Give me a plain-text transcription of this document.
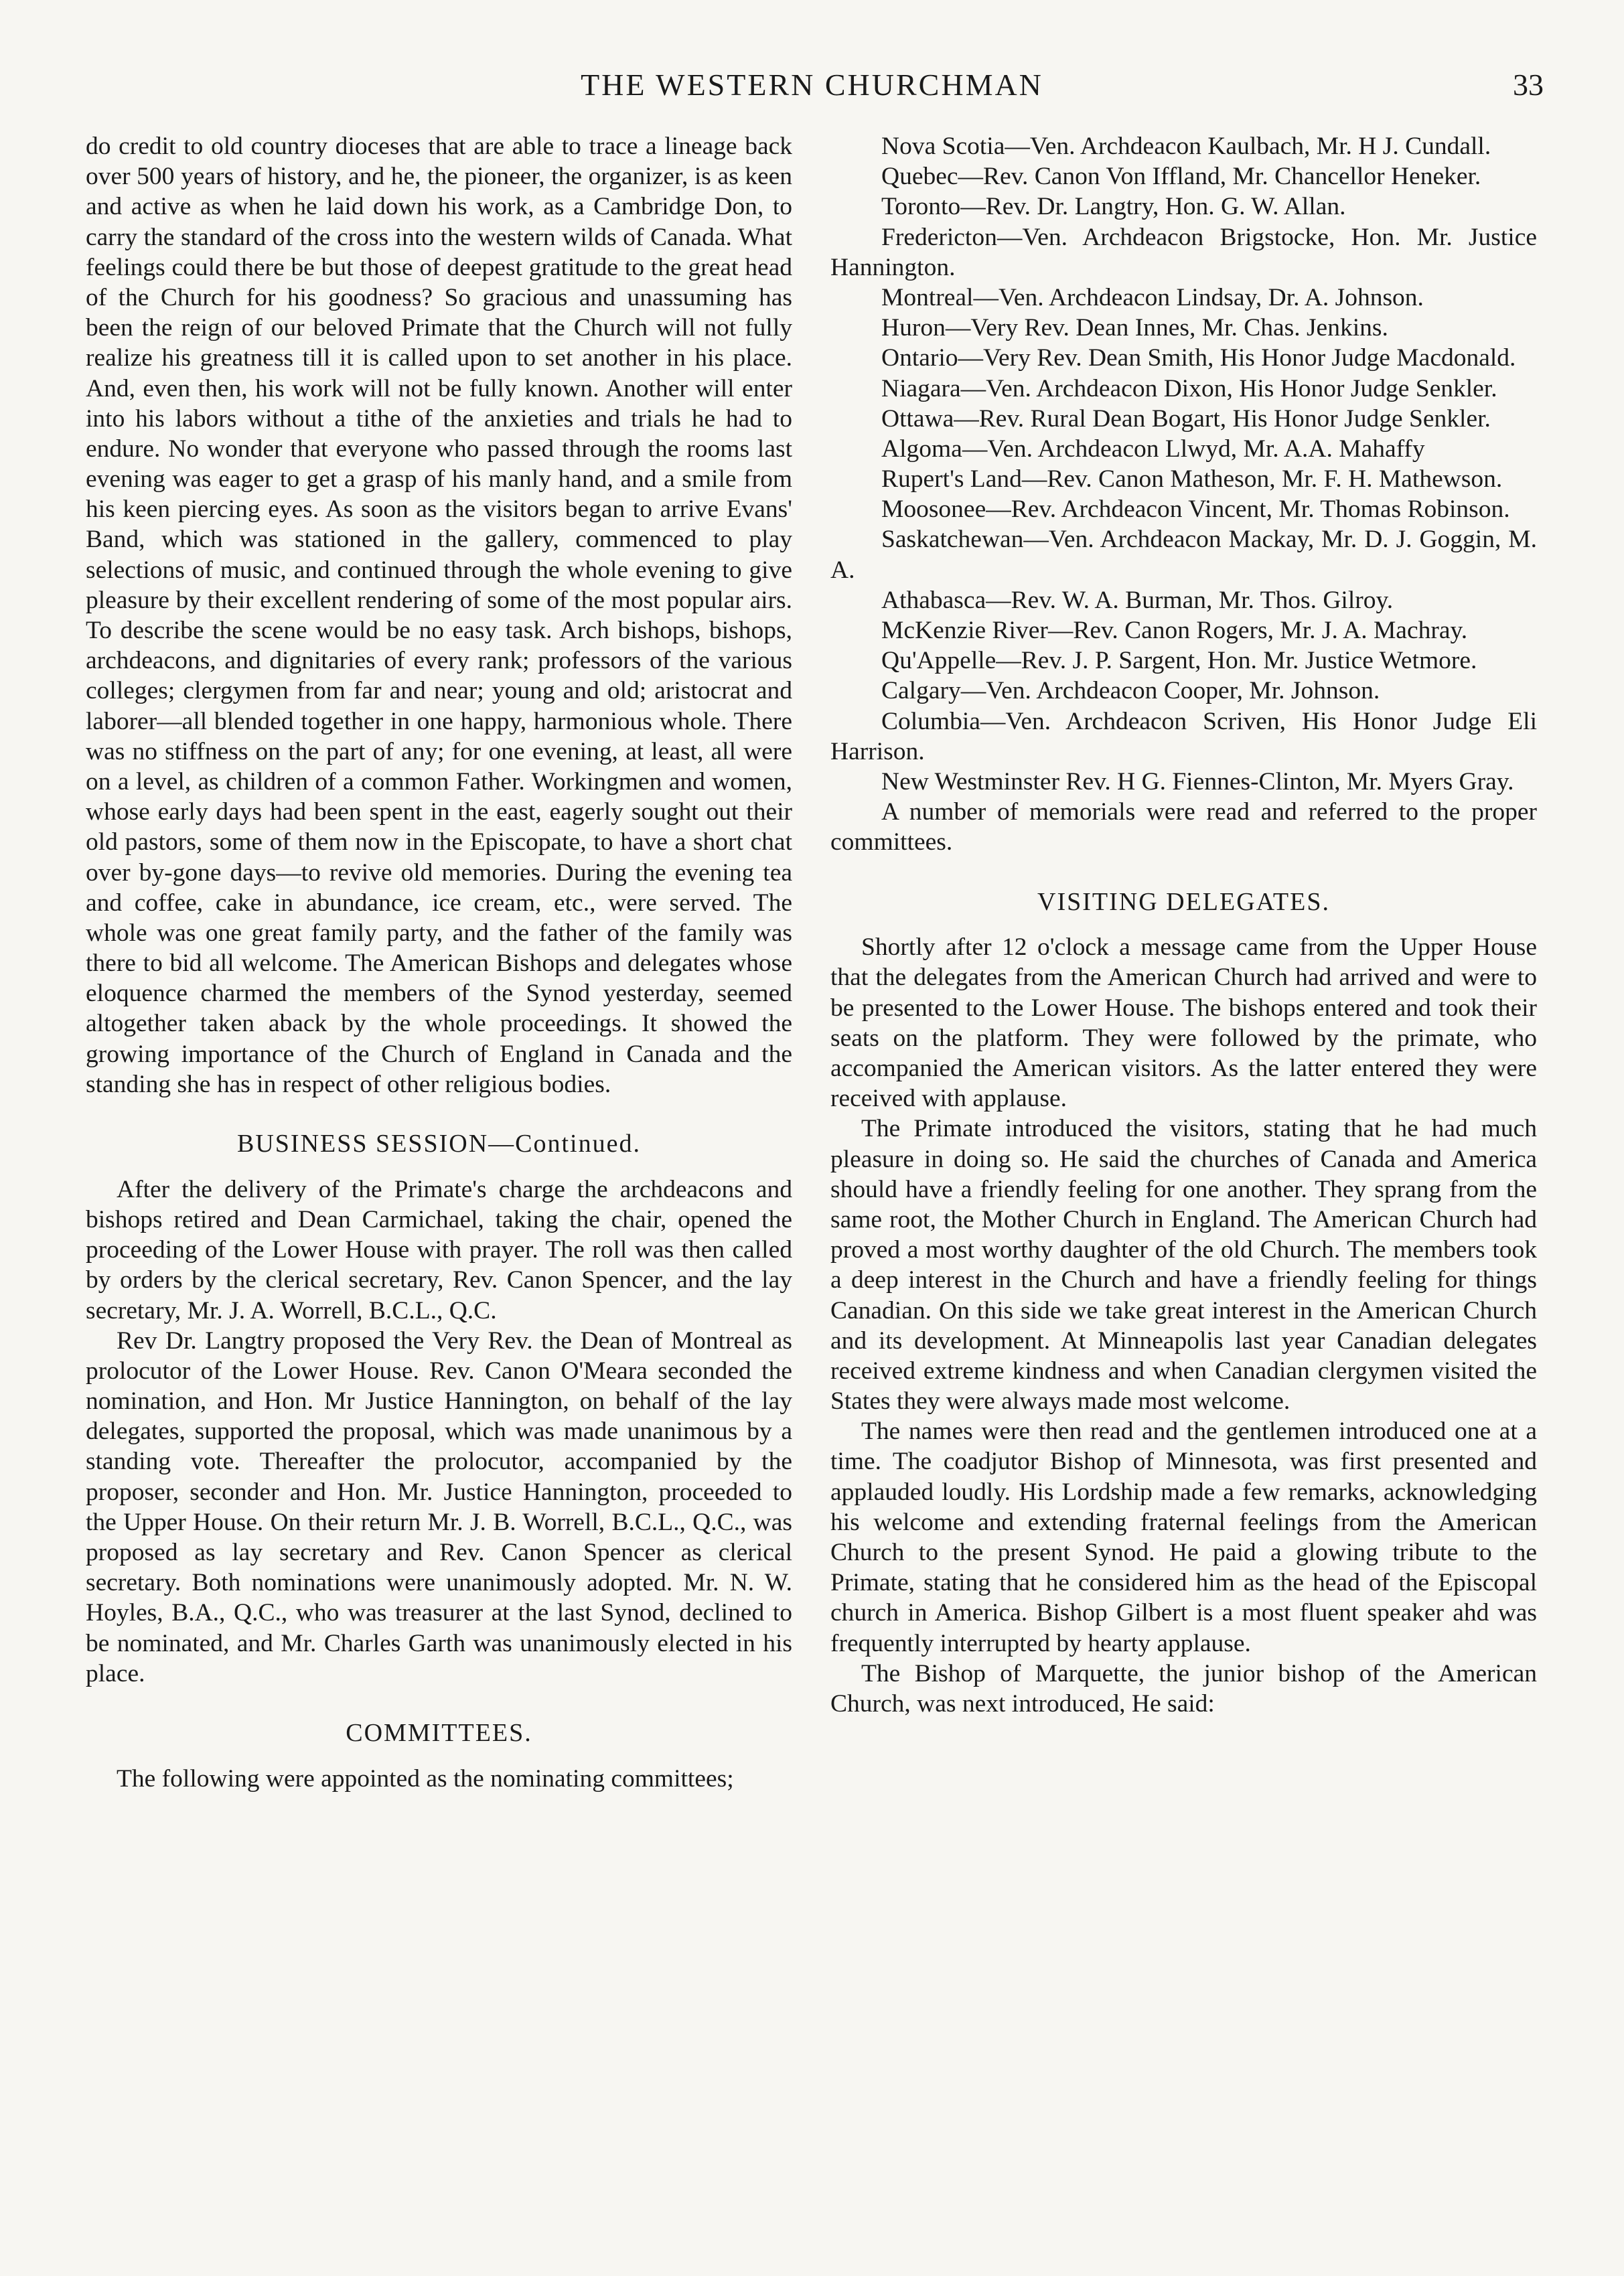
THE WESTERN CHURCHMAN	33

do credit to old country dioceses that are able to trace a lineage back over 500 years of history, and he, the pioneer, the organizer, is as keen and active as when he laid down his work, as a Cambridge Don, to carry the standard of the cross into the western wilds of Canada. What feelings could there be but those of deepest gratitude to the great head of the Church for his goodness? So gracious and unassuming has been the reign of our beloved Primate that the Church will not fully realize his greatness till it is called upon to set another in his place. And, even then, his work will not be fully known. Another will enter into his labors without a tithe of the anxieties and trials he had to endure. No wonder that everyone who passed through the rooms last evening was eager to get a grasp of his manly hand, and a smile from his keen piercing eyes. As soon as the visitors began to arrive Evans' Band, which was stationed in the gallery, commenced to play selections of music, and continued through the whole evening to give pleasure by their excellent rendering of some of the most popular airs. To describe the scene would be no easy task. Arch bishops, bishops, archdeacons, and dignitaries of every rank; professors of the various colleges; clergymen from far and near; young and old; aristocrat and laborer—all blended together in one happy, harmonious whole. There was no stiffness on the part of any; for one evening, at least, all were on a level, as children of a common Father. Workingmen and women, whose early days had been spent in the east, eagerly sought out their old pastors, some of them now in the Episcopate, to have a short chat over by-gone days—to revive old memories. During the evening tea and coffee, cake in abundance, ice cream, etc., were served. The whole was one great family party, and the father of the family was there to bid all welcome. The American Bishops and delegates whose eloquence charmed the members of the Synod yesterday, seemed altogether taken aback by the whole proceedings. It showed the growing importance of the Church of England in Canada and the standing she has in respect of other religious bodies.

BUSINESS SESSION—Continued.

After the delivery of the Primate's charge the archdeacons and bishops retired and Dean Carmichael, taking the chair, opened the proceeding of the Lower House with prayer. The roll was then called by orders by the clerical secretary, Rev. Canon Spencer, and the lay secretary, Mr. J. A. Worrell, B.C.L., Q.C.

Rev Dr. Langtry proposed the Very Rev. the Dean of Montreal as prolocutor of the Lower House. Rev. Canon O'Meara seconded the nomination, and Hon. Mr Justice Hannington, on behalf of the lay delegates, supported the proposal, which was made unanimous by a standing vote. Thereafter the prolocutor, accompanied by the proposer, seconder and Hon. Mr. Justice Hannington, proceeded to the Upper House. On their return Mr. J. B. Worrell, B.C.L., Q.C., was proposed as lay secretary and Rev. Canon Spencer as clerical secretary. Both nominations were unanimously adopted. Mr. N. W. Hoyles, B.A., Q.C., who was treasurer at the last Synod, declined to be nominated, and Mr. Charles Garth was unanimously elected in his place.

COMMITTEES.

The following were appointed as the nominating committees;

Nova Scotia—Ven. Archdeacon Kaulbach, Mr. H J. Cundall.

Quebec—Rev. Canon Von Iffland, Mr. Chancellor Heneker.

Toronto—Rev. Dr. Langtry, Hon. G. W. Allan.

Fredericton—Ven. Archdeacon Brigstocke, Hon. Mr. Justice Hannington.

Montreal—Ven. Archdeacon Lindsay, Dr. A. Johnson.

Huron—Very Rev. Dean Innes, Mr. Chas. Jenkins.

Ontario—Very Rev. Dean Smith, His Honor Judge Macdonald.

Niagara—Ven. Archdeacon Dixon, His Honor Judge Senkler.

Ottawa—Rev. Rural Dean Bogart, His Honor Judge Senkler.

Algoma—Ven. Archdeacon Llwyd, Mr. A.A. Mahaffy

Rupert's Land—Rev. Canon Matheson, Mr. F. H. Mathewson.

Moosonee—Rev. Archdeacon Vincent, Mr. Thomas Robinson.

Saskatchewan—Ven. Archdeacon Mackay, Mr. D. J. Goggin, M. A.

Athabasca—Rev. W. A. Burman, Mr. Thos. Gilroy.

McKenzie River—Rev. Canon Rogers, Mr. J. A. Machray.

Qu'Appelle—Rev. J. P. Sargent, Hon. Mr. Justice Wetmore.

Calgary—Ven. Archdeacon Cooper, Mr. Johnson.

Columbia—Ven. Archdeacon Scriven, His Honor Judge Eli Harrison.

New Westminster Rev. H G. Fiennes-Clinton, Mr. Myers Gray.

A number of memorials were read and referred to the proper committees.

VISITING DELEGATES.

Shortly after 12 o'clock a message came from the Upper House that the delegates from the American Church had arrived and were to be presented to the Lower House. The bishops entered and took their seats on the platform. They were followed by the primate, who accompanied the American visitors. As the latter entered they were received with applause.

The Primate introduced the visitors, stating that he had much pleasure in doing so. He said the churches of Canada and America should have a friendly feeling for one another. They sprang from the same root, the Mother Church in England. The American Church had proved a most worthy daughter of the old Church. The members took a deep interest in the Church and have a friendly feeling for things Canadian. On this side we take great interest in the American Church and its development. At Minneapolis last year Canadian delegates received extreme kindness and when Canadian clergymen visited the States they were always made most welcome.

The names were then read and the gentlemen introduced one at a time. The coadjutor Bishop of Minnesota, was first presented and applauded loudly. His Lordship made a few remarks, acknowledging his welcome and extending fraternal feelings from the American Church to the present Synod. He paid a glowing tribute to the Primate, stating that he considered him as the head of the Episcopal church in America. Bishop Gilbert is a most fluent speaker ahd was frequently interrupted by hearty applause.

The Bishop of Marquette, the junior bishop of the American Church, was next introduced, He said:
